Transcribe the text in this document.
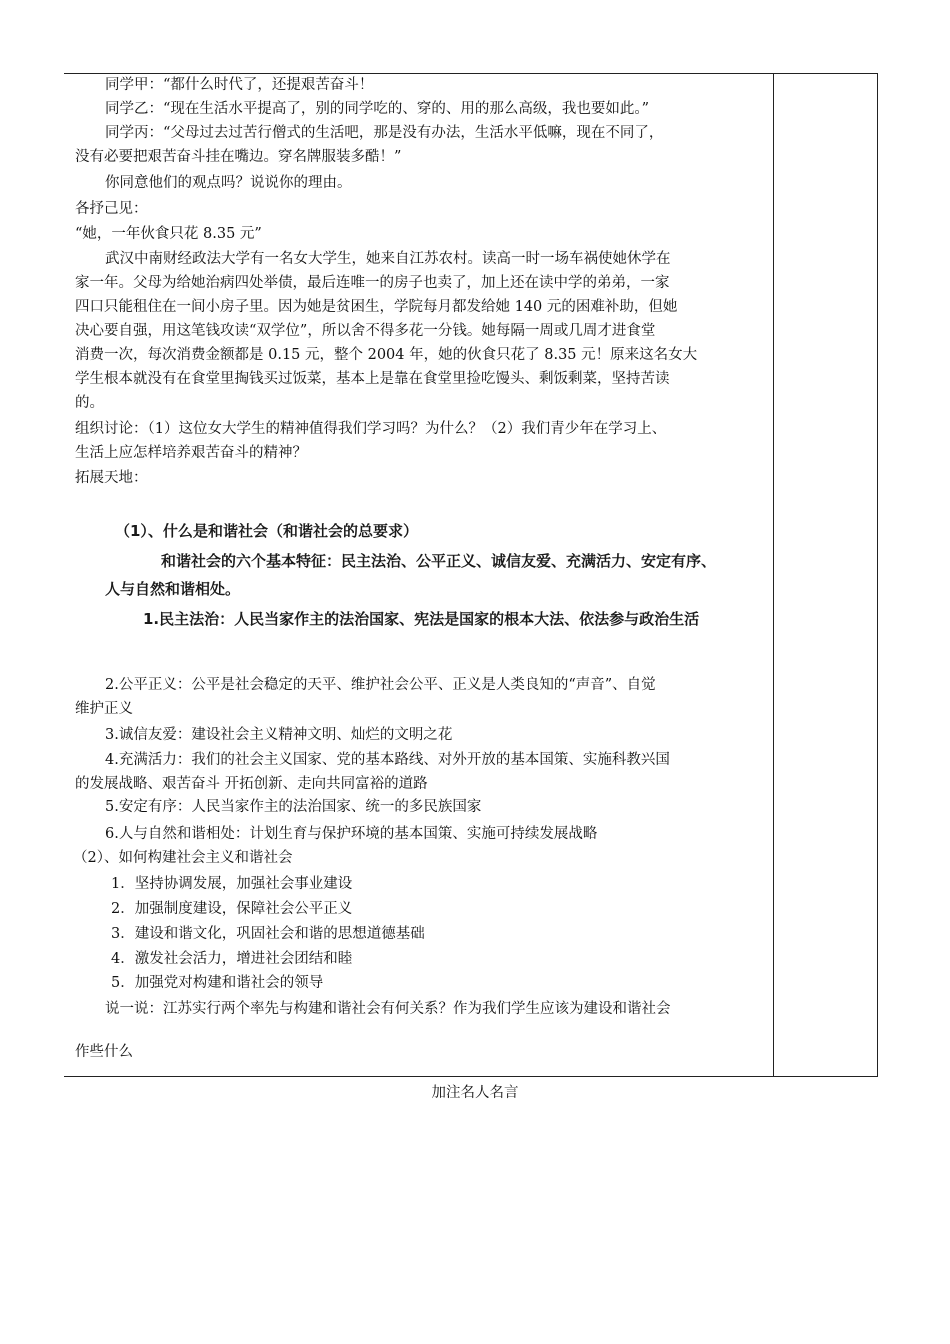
同学甲：“都什么时代了，还提艰苦奋斗！
同学乙：“现在生活水平提高了，别的同学吃的、穿的、用的那么高级，我也要如此。”
同学丙：“父母过去过苦行僧式的生活吧，那是没有办法，生活水平低嘛，现在不同了，
没有必要把艰苦奋斗挂在嘴边。穿名牌服装多酷！”
你同意他们的观点吗？说说你的理由。
各抒己见：
“她，一年伙食只花 8.35 元”
武汉中南财经政法大学有一名女大学生，她来自江苏农村。读高一时一场车祸使她休学在
家一年。父母为给她治病四处举债，最后连唯一的房子也卖了，加上还在读中学的弟弟，一家
四口只能租住在一间小房子里。因为她是贫困生，学院每月都发给她 140 元的困难补助，但她
决心要自强，用这笔钱攻读“双学位”，所以舍不得多花一分钱。她每隔一周或几周才进食堂
消费一次，每次消费金额都是 0.15 元，整个 2004 年，她的伙食只花了 8.35 元！原来这名女大
学生根本就没有在食堂里掏钱买过饭菜，基本上是靠在食堂里捡吃馒头、剩饭剩菜，坚持苦读
的。
组织讨论：（1）这位女大学生的精神值得我们学习吗？为什么？（2）我们青少年在学习上、
生活上应怎样培养艰苦奋斗的精神？
拓展天地：
（1）、什么是和谐社会（和谐社会的总要求）
和谐社会的六个基本特征：民主法治、公平正义、诚信友爱、充满活力、安定有序、
人与自然和谐相处。
1.民主法治：人民当家作主的法治国家、宪法是国家的根本大法、依法参与政治生活
2.公平正义：公平是社会稳定的天平、维护社会公平、正义是人类良知的“声音”、自觉
维护正义
3.诚信友爱：建设社会主义精神文明、灿烂的文明之花
4.充满活力：我们的社会主义国家、党的基本路线、对外开放的基本国策、实施科教兴国
的发展战略、艰苦奋斗 开拓创新、走向共同富裕的道路
5.安定有序：人民当家作主的法治国家、统一的多民族国家
6.人与自然和谐相处：计划生育与保护环境的基本国策、实施可持续发展战略
（2）、如何构建社会主义和谐社会
1．坚持协调发展，加强社会事业建设
2．加强制度建设，保障社会公平正义
3．建设和谐文化，巩固社会和谐的思想道德基础
4．激发社会活力，增进社会团结和睦
5．加强党对构建和谐社会的领导
说一说：江苏实行两个率先与构建和谐社会有何关系？作为我们学生应该为建设和谐社会
作些什么
加注名人名言
